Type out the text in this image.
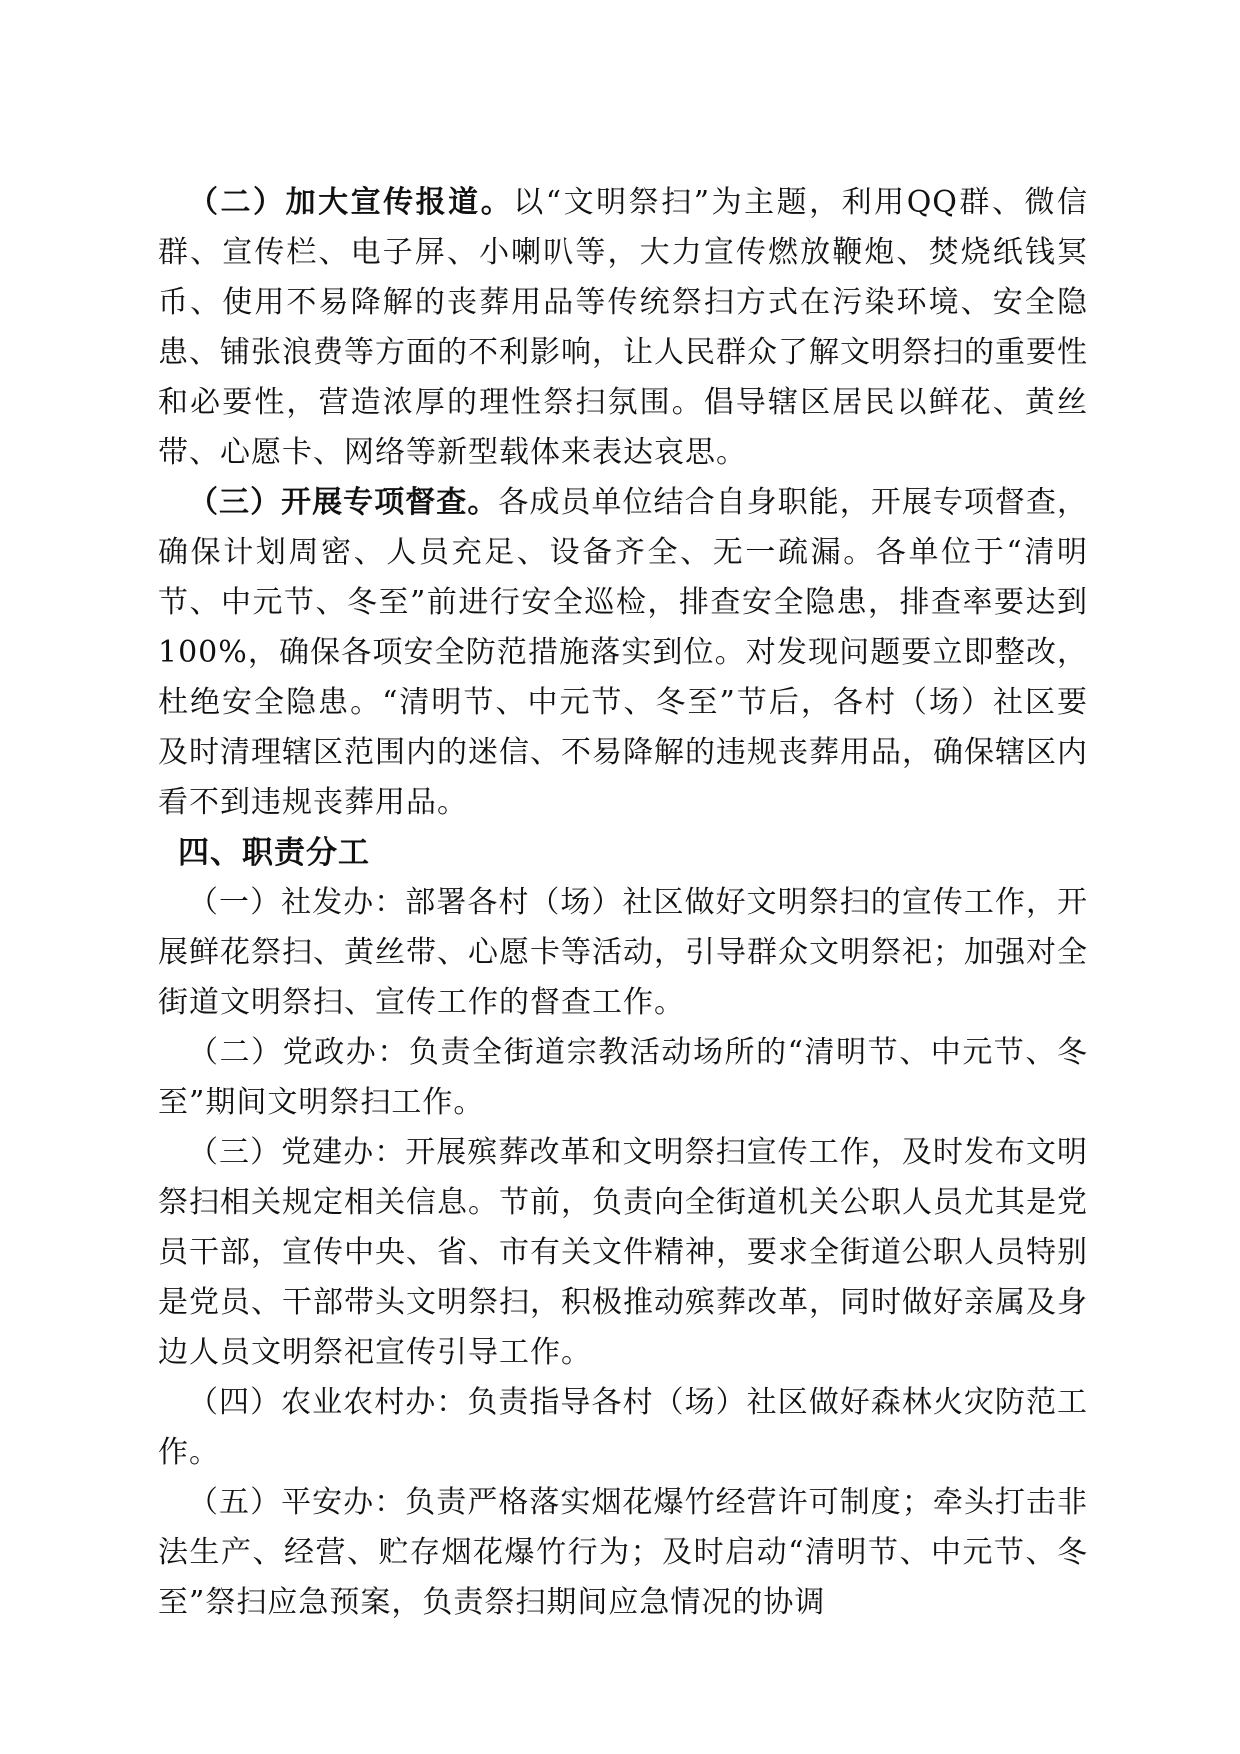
（二）加大宣传报道。以“文明祭扫”为主题，利用QQ群、微信群、宣传栏、电子屏、小喇叭等，大力宣传燃放鞭炮、焚烧纸钱冥币、使用不易降解的丧葬用品等传统祭扫方式在污染环境、安全隐患、铺张浪费等方面的不利影响，让人民群众了解文明祭扫的重要性和必要性，营造浓厚的理性祭扫氛围。倡导辖区居民以鲜花、黄丝带、心愿卡、网络等新型载体来表达哀思。

（三）开展专项督查。各成员单位结合自身职能，开展专项督查，确保计划周密、人员充足、设备齐全、无一疏漏。各单位于“清明节、中元节、冬至”前进行安全巡检，排查安全隐患，排查率要达到100%，确保各项安全防范措施落实到位。对发现问题要立即整改，杜绝安全隐患。“清明节、中元节、冬至”节后，各村（场）社区要及时清理辖区范围内的迷信、不易降解的违规丧葬用品，确保辖区内看不到违规丧葬用品。

四、职责分工

（一）社发办：部署各村（场）社区做好文明祭扫的宣传工作，开展鲜花祭扫、黄丝带、心愿卡等活动，引导群众文明祭祀；加强对全街道文明祭扫、宣传工作的督查工作。

（二）党政办：负责全街道宗教活动场所的“清明节、中元节、冬至”期间文明祭扫工作。

（三）党建办：开展殡葬改革和文明祭扫宣传工作，及时发布文明祭扫相关规定相关信息。节前，负责向全街道机关公职人员尤其是党员干部，宣传中央、省、市有关文件精神，要求全街道公职人员特别是党员、干部带头文明祭扫，积极推动殡葬改革，同时做好亲属及身边人员文明祭祀宣传引导工作。

（四）农业农村办：负责指导各村（场）社区做好森林火灾防范工作。

（五）平安办：负责严格落实烟花爆竹经营许可制度；牵头打击非法生产、经营、贮存烟花爆竹行为；及时启动“清明节、中元节、冬至”祭扫应急预案，负责祭扫期间应急情况的协调
